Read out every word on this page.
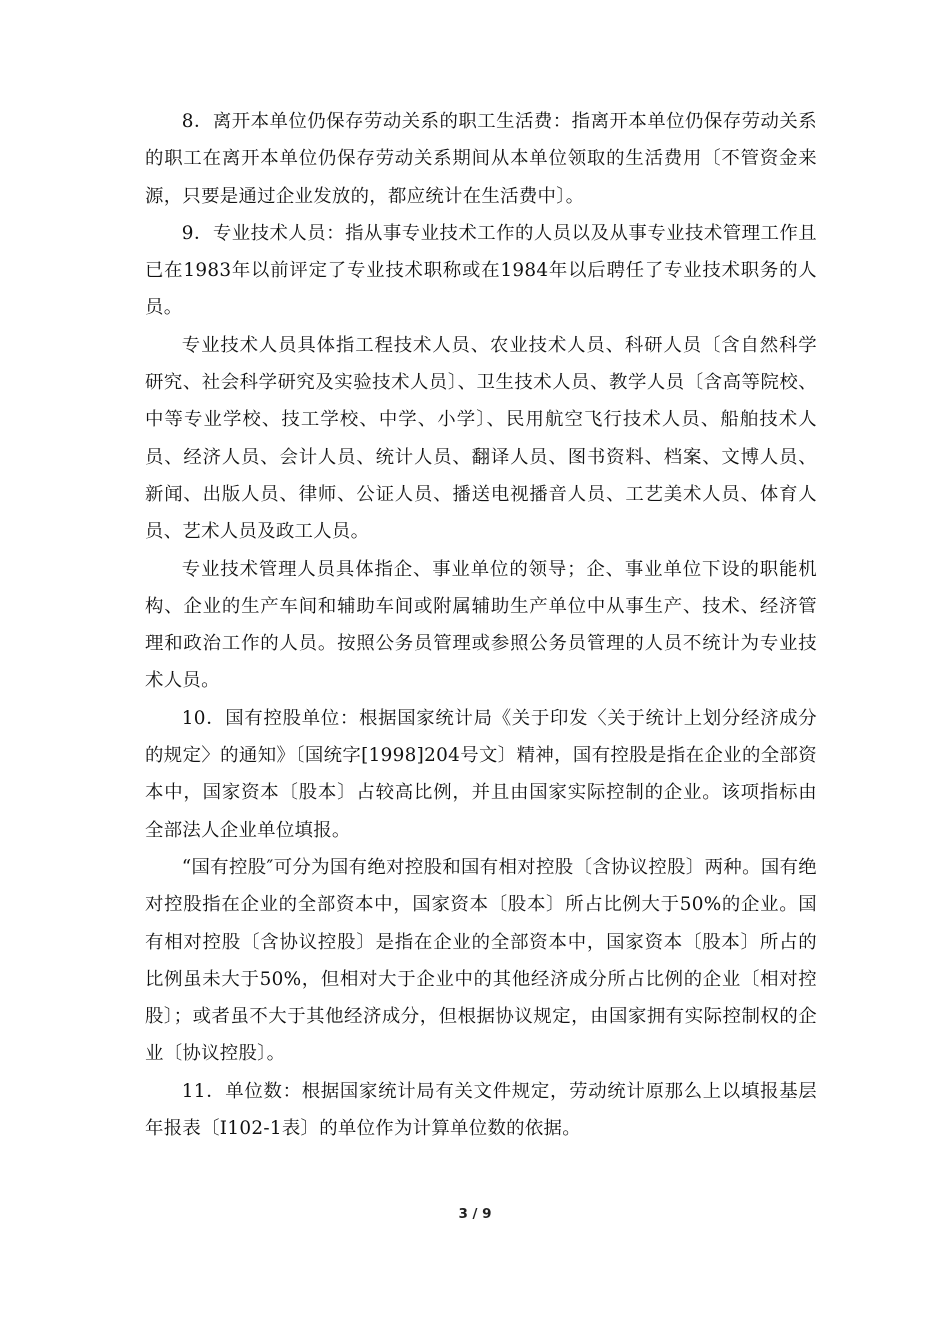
8．离开本单位仍保存劳动关系的职工生活费：指离开本单位仍保存劳动关系的职工在离开本单位仍保存劳动关系期间从本单位领取的生活费用〔不管资金来源，只要是通过企业发放的，都应统计在生活费中〕。

9．专业技术人员：指从事专业技术工作的人员以及从事专业技术管理工作且已在1983年以前评定了专业技术职称或在1984年以后聘任了专业技术职务的人员。

专业技术人员具体指工程技术人员、农业技术人员、科研人员〔含自然科学研究、社会科学研究及实验技术人员〕、卫生技术人员、教学人员〔含高等院校、中等专业学校、技工学校、中学、小学〕、民用航空飞行技术人员、船舶技术人员、经济人员、会计人员、统计人员、翻译人员、图书资料、档案、文博人员、新闻、出版人员、律师、公证人员、播送电视播音人员、工艺美术人员、体育人员、艺术人员及政工人员。

专业技术管理人员具体指企、事业单位的领导；企、事业单位下设的职能机构、企业的生产车间和辅助车间或附属辅助生产单位中从事生产、技术、经济管理和政治工作的人员。按照公务员管理或参照公务员管理的人员不统计为专业技术人员。

10．国有控股单位：根据国家统计局《关于印发〈关于统计上划分经济成分的规定〉的通知》〔国统字[1998]204号文〕精神，国有控股是指在企业的全部资本中，国家资本〔股本〕占较高比例，并且由国家实际控制的企业。该项指标由全部法人企业单位填报。

“国有控股″可分为国有绝对控股和国有相对控股〔含协议控股〕两种。国有绝对控股指在企业的全部资本中，国家资本〔股本〕所占比例大于50%的企业。国有相对控股〔含协议控股〕是指在企业的全部资本中，国家资本〔股本〕所占的比例虽未大于50%，但相对大于企业中的其他经济成分所占比例的企业〔相对控股〕；或者虽不大于其他经济成分，但根据协议规定，由国家拥有实际控制权的企业〔协议控股〕。

11．单位数：根据国家统计局有关文件规定，劳动统计原那么上以填报基层年报表〔I102-1表〕的单位作为计算单位数的依据。

3 / 9
